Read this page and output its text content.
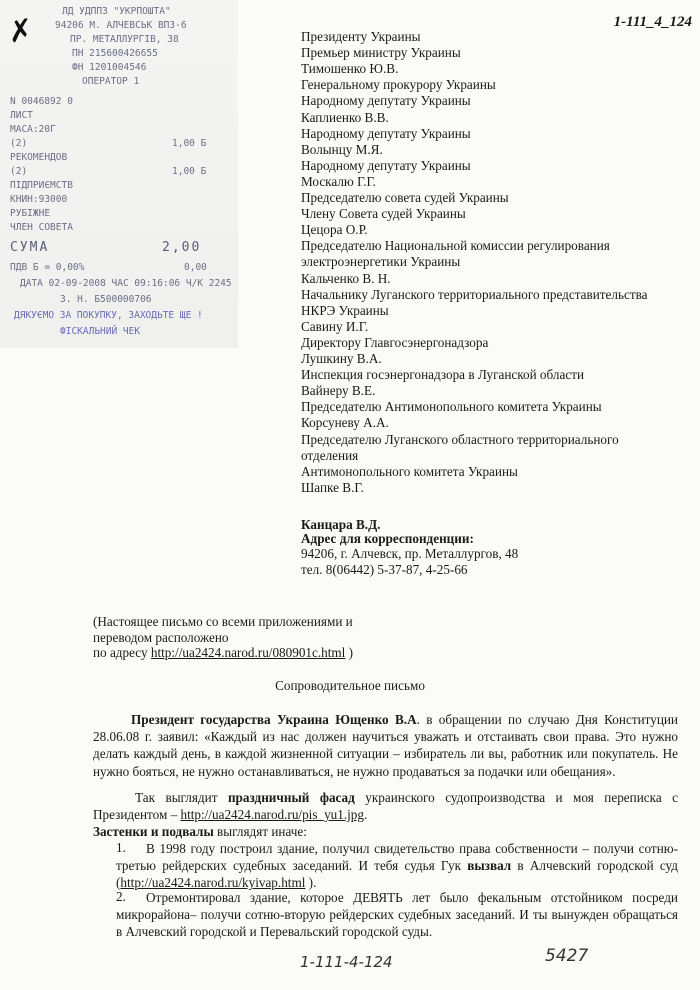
✗
ЛД УДППЗ "УКРПОШТА"
94206 М. АЛЧЕВСЬК ВПЗ-6
ПР. МЕТАЛЛУРГІВ, 38
ПН 215600426655
ФН 1201004546
ОПЕРАТОР 1
N 0046892 0
ЛИСТ
МАСА:20Г
(2)	1,00 Б
РЕКОМЕНДОВ
(2)	1,00 Б
ПІДПРИЄМСТВ
КНИН:93000
РУБІЖНЕ
ЧЛЕН СОВЕТА
СУМА	2,00
ПДВ Б = 0,00%	0,00
ДАТА 02-09-2008 ЧАС 09:16:06 Ч/К 2245
З. Н. Б500000706
ДЯКУЄМО ЗА ПОКУПКУ, ЗАХОДЬТЕ ЩЕ !
ФІСКАЛЬНИЙ ЧЕК
1-111_4_124
Президенту Украины
Премьер министру Украины
Тимошенко Ю.В.
Генеральному прокурору Украины
Народному депутату Украины
Каплиенко В.В.
Народному депутату Украины
Волынцу М.Я.
Народному депутату Украины
Москалю Г.Г.
Председателю совета судей Украины
Члену Совета судей Украины
Цецора О.Р.
Председателю Национальной комиссии регулирования
электроэнергетики Украины
Кальченко В. Н.
Начальнику Луганского территориального представительства
НКРЭ Украины
Савину И.Г.
Директору Главгосэнергонадзора
Лушкину В.А.
Инспекция госэнергонадзора в Луганской области
Вайнеру В.Е.
Председателю Антимонопольного комитета Украины
Корсуневу А.А.
Председателю Луганского областного территориального
отделения
Антимонопольного комитета Украины
Шапке В.Г.
Канцара В.Д.
Адрес для корреспонденции:
94206, г. Алчевск, пр. Металлургов, 48
тел. 8(06442) 5-37-87, 4-25-66
(Настоящее письмо со всеми приложениями и
переводом расположено
по адресу http://ua2424.narod.ru/080901c.html )
Сопроводительное письмо
Президент государства Украина Ющенко В.А. в обращении по случаю Дня Конституции 28.06.08 г. заявил: «Каждый из нас должен научиться уважать и отстаивать свои права. Это нужно делать каждый день, в каждой жизненной ситуации – избиратель ли вы, работник или покупатель. Не нужно бояться, не нужно останавливаться, не нужно продаваться за подачки или обещания».
Так выглядит праздничный фасад украинского судопроизводства и моя переписка с Президентом – http://ua2424.narod.ru/pis_yu1.jpg.
Застенки и подвалы выглядят иначе:
1.	В 1998 году построил здание, получил свидетельство права собственности – получи сотню-третью рейдерских судебных заседаний. И тебя судья Гук вызвал в Алчевский городской суд (http://ua2424.narod.ru/kyivap.html ).
2.	Отремонтировал здание, которое ДЕВЯТЬ лет было фекальным отстойником посреди микрорайона– получи сотню-вторую рейдерских судебных заседаний. И ты вынужден обращаться в Алчевский городской и Перевальский городской суды.
1-111-4-124	5427
